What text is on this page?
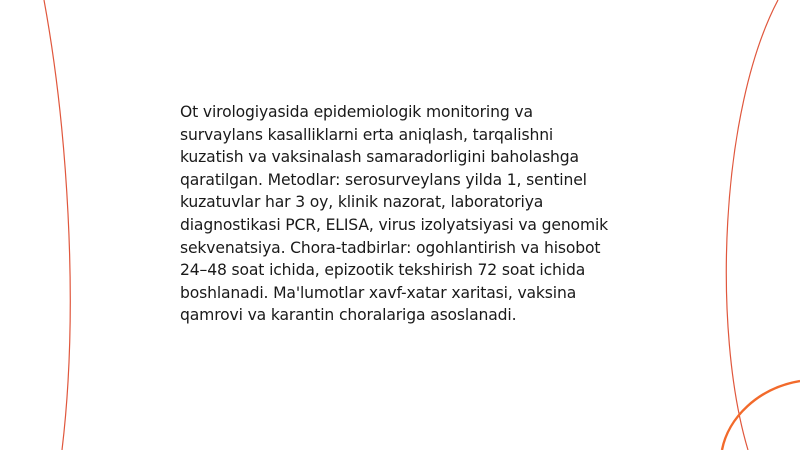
Ot virologiyasida epidemiologik monitoring va survaylans kasalliklarni erta aniqlash, tarqalishni kuzatish va vaksinalash samaradorligini baholashga qaratilgan. Metodlar: serosurveylans yilda 1, sentinel kuzatuvlar har 3 oy, klinik nazorat, laboratoriya diagnostikasi PCR, ELISA, virus izolyatsiyasi va genomik sekvenatsiya. Chora-tadbirlar: ogohlantirish va hisobot 24–48 soat ichida, epizootik tekshirish 72 soat ichida boshlanadi. Ma'lumotlar xavf-xatar xaritasi, vaksina qamrovi va karantin choralariga asoslanadi.
